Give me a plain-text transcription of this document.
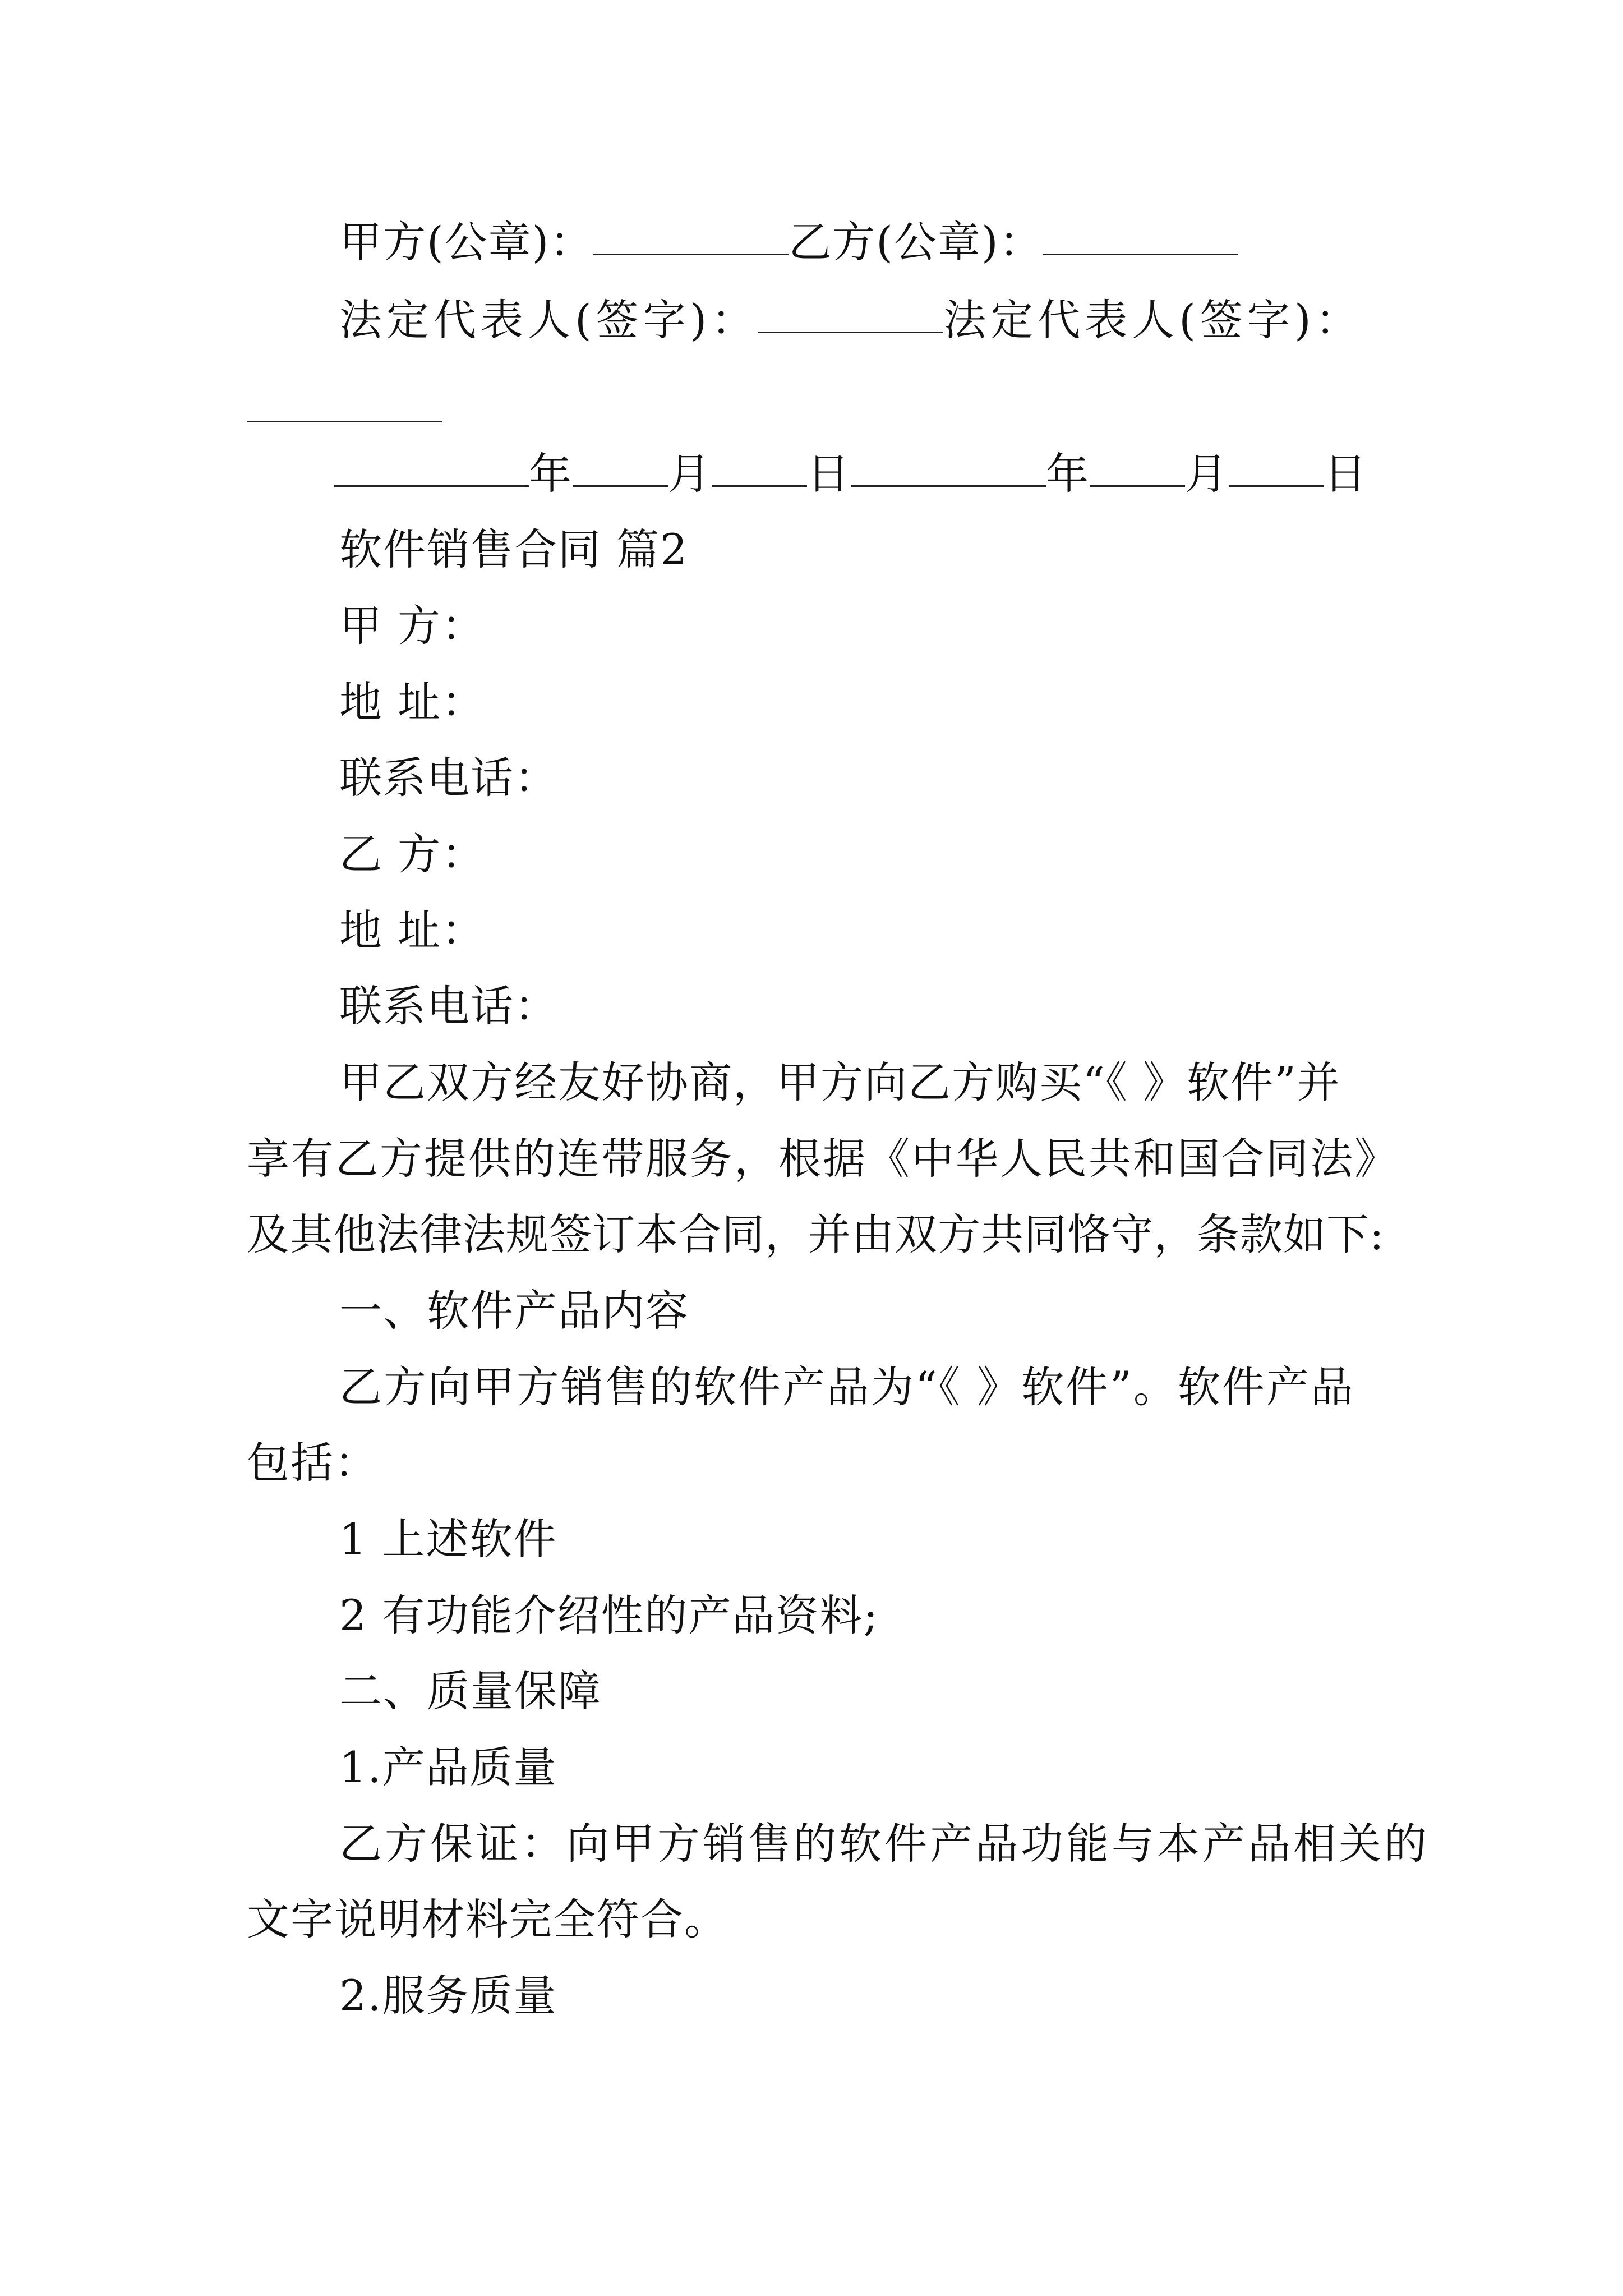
甲方(公章)：	乙方(公章)：
法定代表人(签字)：	法定代表人(签字)：
年 月 日	年 月 日
软件销售合同 篇2
甲 方：
地 址：
联系电话：
乙 方：
地 址：
联系电话：
甲乙双方经友好协商，甲方向乙方购买“《 》软件”并
享有乙方提供的连带服务，根据《中华人民共和国合同法》
及其他法律法规签订本合同，并由双方共同恪守，条款如下:
一、软件产品内容
乙方向甲方销售的软件产品为“《 》软件”。软件产品
包括：
1 上述软件
2 有功能介绍性的产品资料;
二、质量保障
1.产品质量
乙方保证：向甲方销售的软件产品功能与本产品相关的
文字说明材料完全符合。
2.服务质量
